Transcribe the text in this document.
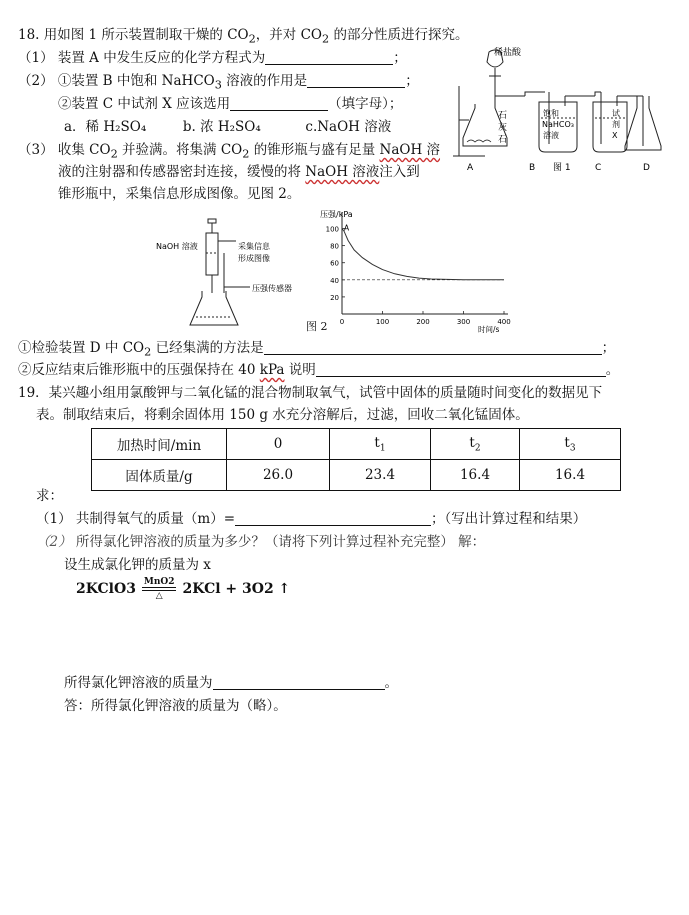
18. 用如图 1 所示装置制取干燥的 $CO_2$，并对 $CO_2$ 的部分性质进行探究。
（1） 装置 A 中发生反应的化学方程式为	；
（2） ①装置 B 中饱和 NaHCO$_3$ 溶液的作用是	；
②装置 C 中试剂 X 应该选用	（填字母）；
a．稀 H₂SO₄	b. 浓 H₂SO₄	c.NaOH 溶液
（3） 收集 $CO_2$ 并验满。将集满 $CO_2$ 的锥形瓶与盛有足量 NaOH 溶
液的注射器和传感器密封连接，缓慢的将 NaOH 溶液注入到
锥形瓶中，采集信息形成图像。见图 2。
稀盐酸
石
灰
石
饱和
NaHCO₃
溶液
试
剂
X
A	B	C	D
图 1
NaOH 溶液	采集信息
形成图像
压强传感器
压强/kPa
时间/s
20
40
60
80
100
0	100	200	300	400
A
图 2
①检验装置 D 中 $CO_2$ 已经集满的方法是	；
②反应结束后锥形瓶中的压强保持在 40 kPa 说明	。
19．某兴趣小组用氯酸钾与二氧化锰的混合物制取氧气，试管中固体的质量随时间变化的数据见下
表。制取结束后，将剩余固体用 150 g 水充分溶解后，过滤，回收二氧化锰固体。
加热时间/min	0	$t_1$	$t_2$	$t_3$
固体质量/g	26.0	23.4	16.4	16.4
求：
（1） 共制得氧气的质量（m）=	；（写出计算过程和结果）
（2） 所得氯化钾溶液的质量为多少？（请将下列计算过程补充完整） 解：
设生成氯化钾的质量为 x
2KClO3 MnO2
△	2KCl + 3O2 ↑
所得氯化钾溶液的质量为	。
答：所得氯化钾溶液的质量为（略）。
